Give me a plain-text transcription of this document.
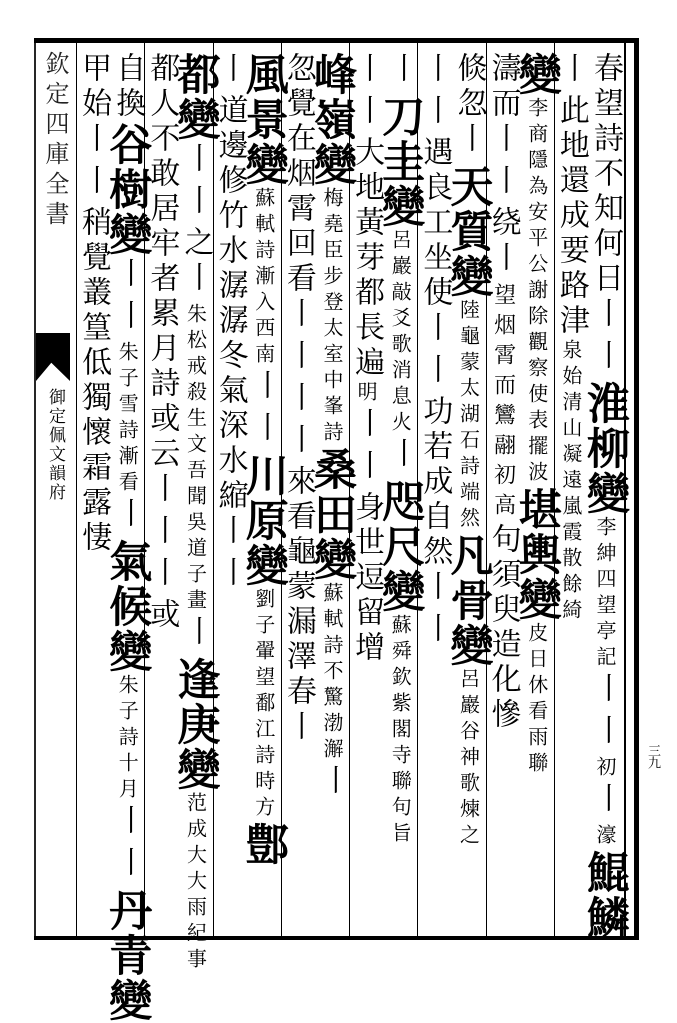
欽定四庫全書
御定佩文韻府
三九
春望詩不知何日丨丨淮柳變李紳四望亭記丨丨初丨濠鯤鱗
丨此地還成要路津泉始清山凝遠嵐霞散餘綺
變李商隱為安平公謝除觀察使表擺波堪輿變皮日休看雨聯
濤而丨丨绕丨望烟霄而鸞翮初高句須臾造化慘
倐忽丨天質變陸龜蒙太湖石詩端然凡骨變呂巖谷神歌煉之
丨丨遇良工坐使丨丨功若成自然丨丨
丨刀圭變呂巖敲爻歌消息火丨咫尺變蘇舜欽紫閣寺聯句旨
丨丨大地黃芽都長遍明丨丨身世逗留增
峰嶺變梅堯臣步登太室中峯詩桑田變蘇軾詩不驚渤澥丨
忽覺在烟霄回看丨丨丨丨來看龜蒙漏澤春丨
風景變蘇軾詩漸入西南丨丨川原變劉子翬望鄱江詩時方鄷
丨道邊修竹水潺潺冬氣深水縮丨丨
都變丨丨之丨朱松戒殺生文吾聞吳道子畫丨逢庚變范成大大雨紀事
都人不敢居牢者累月詩或云丨丨丨或
自換谷樹變丨丨朱子雪詩漸看丨氣候變朱子詩十月丨丨丹青變
甲始丨丨稍覺叢篁低獨懷霜露悽
